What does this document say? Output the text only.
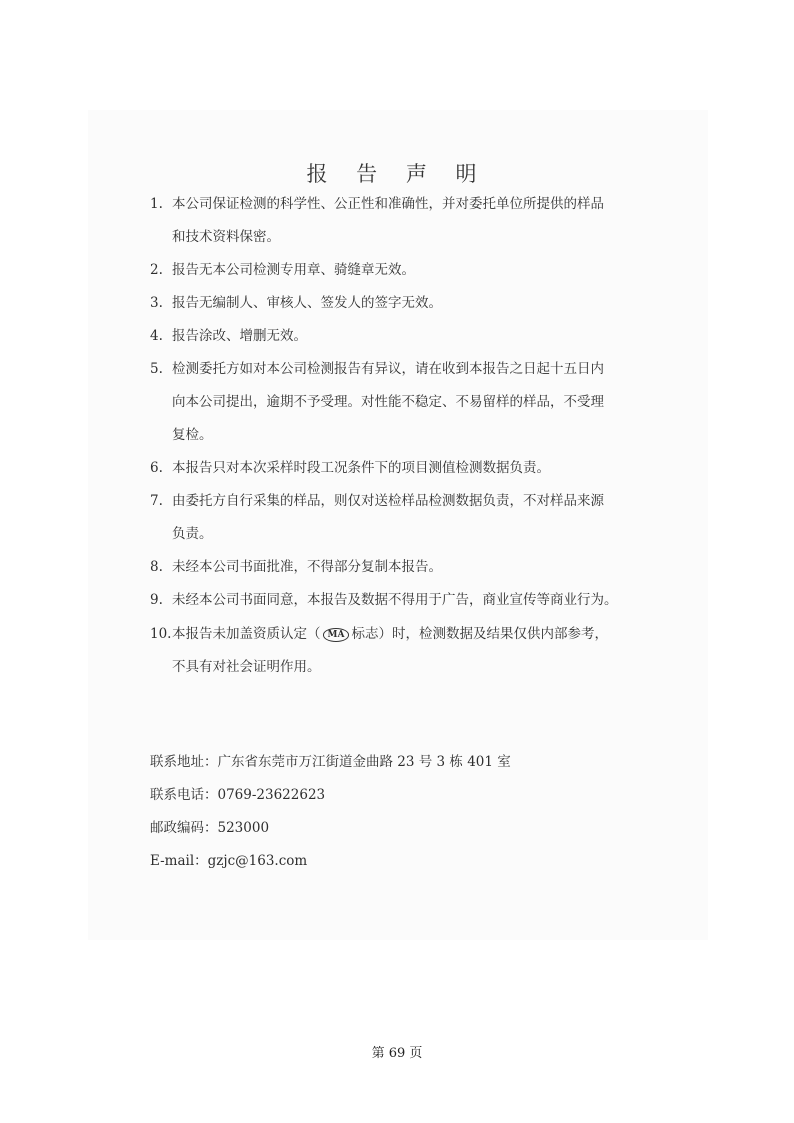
报 告 声 明
1. 本公司保证检测的科学性、公正性和准确性，并对委托单位所提供的样品
和技术资料保密。
2. 报告无本公司检测专用章、骑缝章无效。
3. 报告无编制人、审核人、签发人的签字无效。
4. 报告涂改、增删无效。
5. 检测委托方如对本公司检测报告有异议，请在收到本报告之日起十五日内
向本公司提出，逾期不予受理。对性能不稳定、不易留样的样品，不受理
复检。
6. 本报告只对本次采样时段工况条件下的项目测值检测数据负责。
7. 由委托方自行采集的样品，则仅对送检样品检测数据负责，不对样品来源
负责。
8. 未经本公司书面批准，不得部分复制本报告。
9. 未经本公司书面同意，本报告及数据不得用于广告，商业宣传等商业行为。
10.本报告未加盖资质认定（ MA 标志）时，检测数据及结果仅供内部参考，
不具有对社会证明作用。
联系地址：广东省东莞市万江街道金曲路 23 号 3 栋 401 室
联系电话：0769-23622623
邮政编码：523000
E-mail：gzjc@163.com
第 69 页
